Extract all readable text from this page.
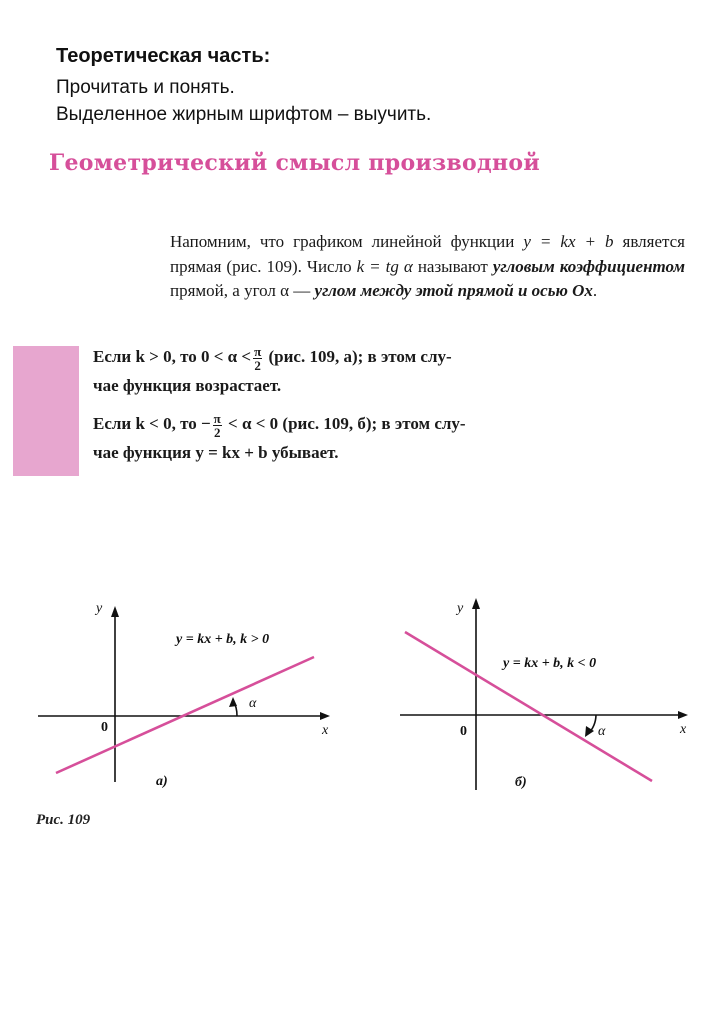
Теоретическая часть:

Прочитать и понять.

Выделенное жирным шрифтом – выучить.

Геометрический смысл производной
Напомним, что графиком линейной функции y = kx + b является прямая (рис. 109). Число k = tg α называют угловым коэффициентом прямой, а угол α — углом между этой прямой и осью Ox.
Если k > 0, то $0 < \alpha < \frac{\pi}{2} (рис$. 109, а); в этом слу-
чае функция возрастает.
Если k < 0, то − $\frac{\pi}{2} < \alpha < 0$ (рис. 109, б); в этом слу-
чае функция y = kx + b убывает.
y
x
0
y = kx + b, k > 0
α
а)
y
x
0
y = kx + b, k < 0
α
б)
Рис. 109
